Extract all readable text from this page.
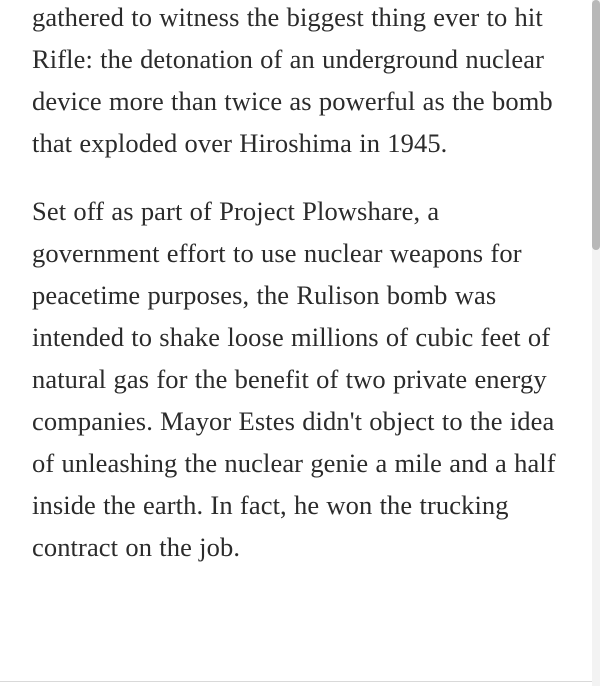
gathered to witness the biggest thing ever to hit Rifle: the detonation of an underground nuclear device more than twice as powerful as the bomb that exploded over Hiroshima in 1945.

Set off as part of Project Plowshare, a government effort to use nuclear weapons for peacetime purposes, the Rulison bomb was intended to shake loose millions of cubic feet of natural gas for the benefit of two private energy companies. Mayor Estes didn't object to the idea of unleashing the nuclear genie a mile and a half inside the earth. In fact, he won the trucking contract on the job.
